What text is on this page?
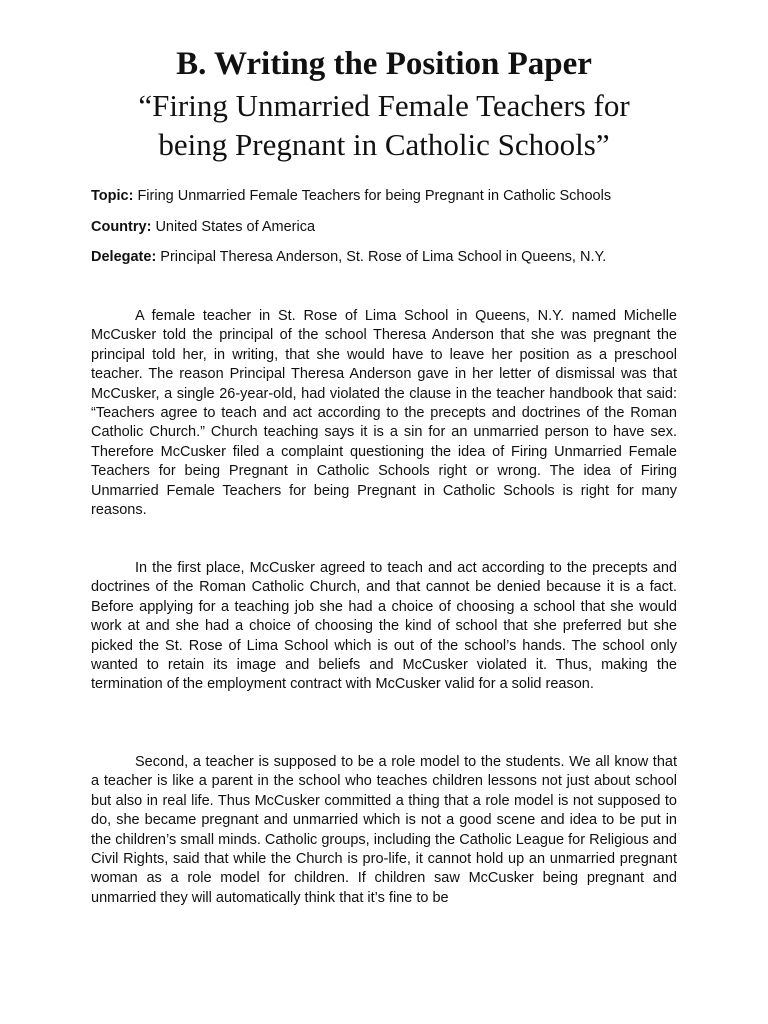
B. Writing the Position Paper
“Firing Unmarried Female Teachers for
being Pregnant in Catholic Schools”

Topic: Firing Unmarried Female Teachers for being Pregnant in Catholic Schools

Country: United States of America

Delegate: Principal Theresa Anderson, St. Rose of Lima School in Queens, N.Y.

A female teacher in St. Rose of Lima School in Queens, N.Y. named Michelle McCusker told the principal of the school Theresa Anderson that she was pregnant the principal told her, in writing, that she would have to leave her position as a preschool teacher. The reason Principal Theresa Anderson gave in her letter of dismissal was that McCusker, a single 26-year-old, had violated the clause in the teacher handbook that said: “Teachers agree to teach and act according to the precepts and doctrines of the Roman Catholic Church.” Church teaching says it is a sin for an unmarried person to have sex. Therefore McCusker filed a complaint questioning the idea of Firing Unmarried Female Teachers for being Pregnant in Catholic Schools right or wrong. The idea of Firing Unmarried Female Teachers for being Pregnant in Catholic Schools is right for many reasons.

In the first place, McCusker agreed to teach and act according to the precepts and doctrines of the Roman Catholic Church, and that cannot be denied because it is a fact. Before applying for a teaching job she had a choice of choosing a school that she would work at and she had a choice of choosing the kind of school that she preferred but she picked the St. Rose of Lima School which is out of the school’s hands. The school only wanted to retain its image and beliefs and McCusker violated it. Thus, making the termination of the employment contract with McCusker valid for a solid reason.

Second, a teacher is supposed to be a role model to the students. We all know that a teacher is like a parent in the school who teaches children lessons not just about school but also in real life. Thus McCusker committed a thing that a role model is not supposed to do, she became pregnant and unmarried which is not a good scene and idea to be put in the children’s small minds. Catholic groups, including the Catholic League for Religious and Civil Rights, said that while the Church is pro-life, it cannot hold up an unmarried pregnant woman as a role model for children. If children saw McCusker being pregnant and unmarried they will automatically think that it’s fine to be
